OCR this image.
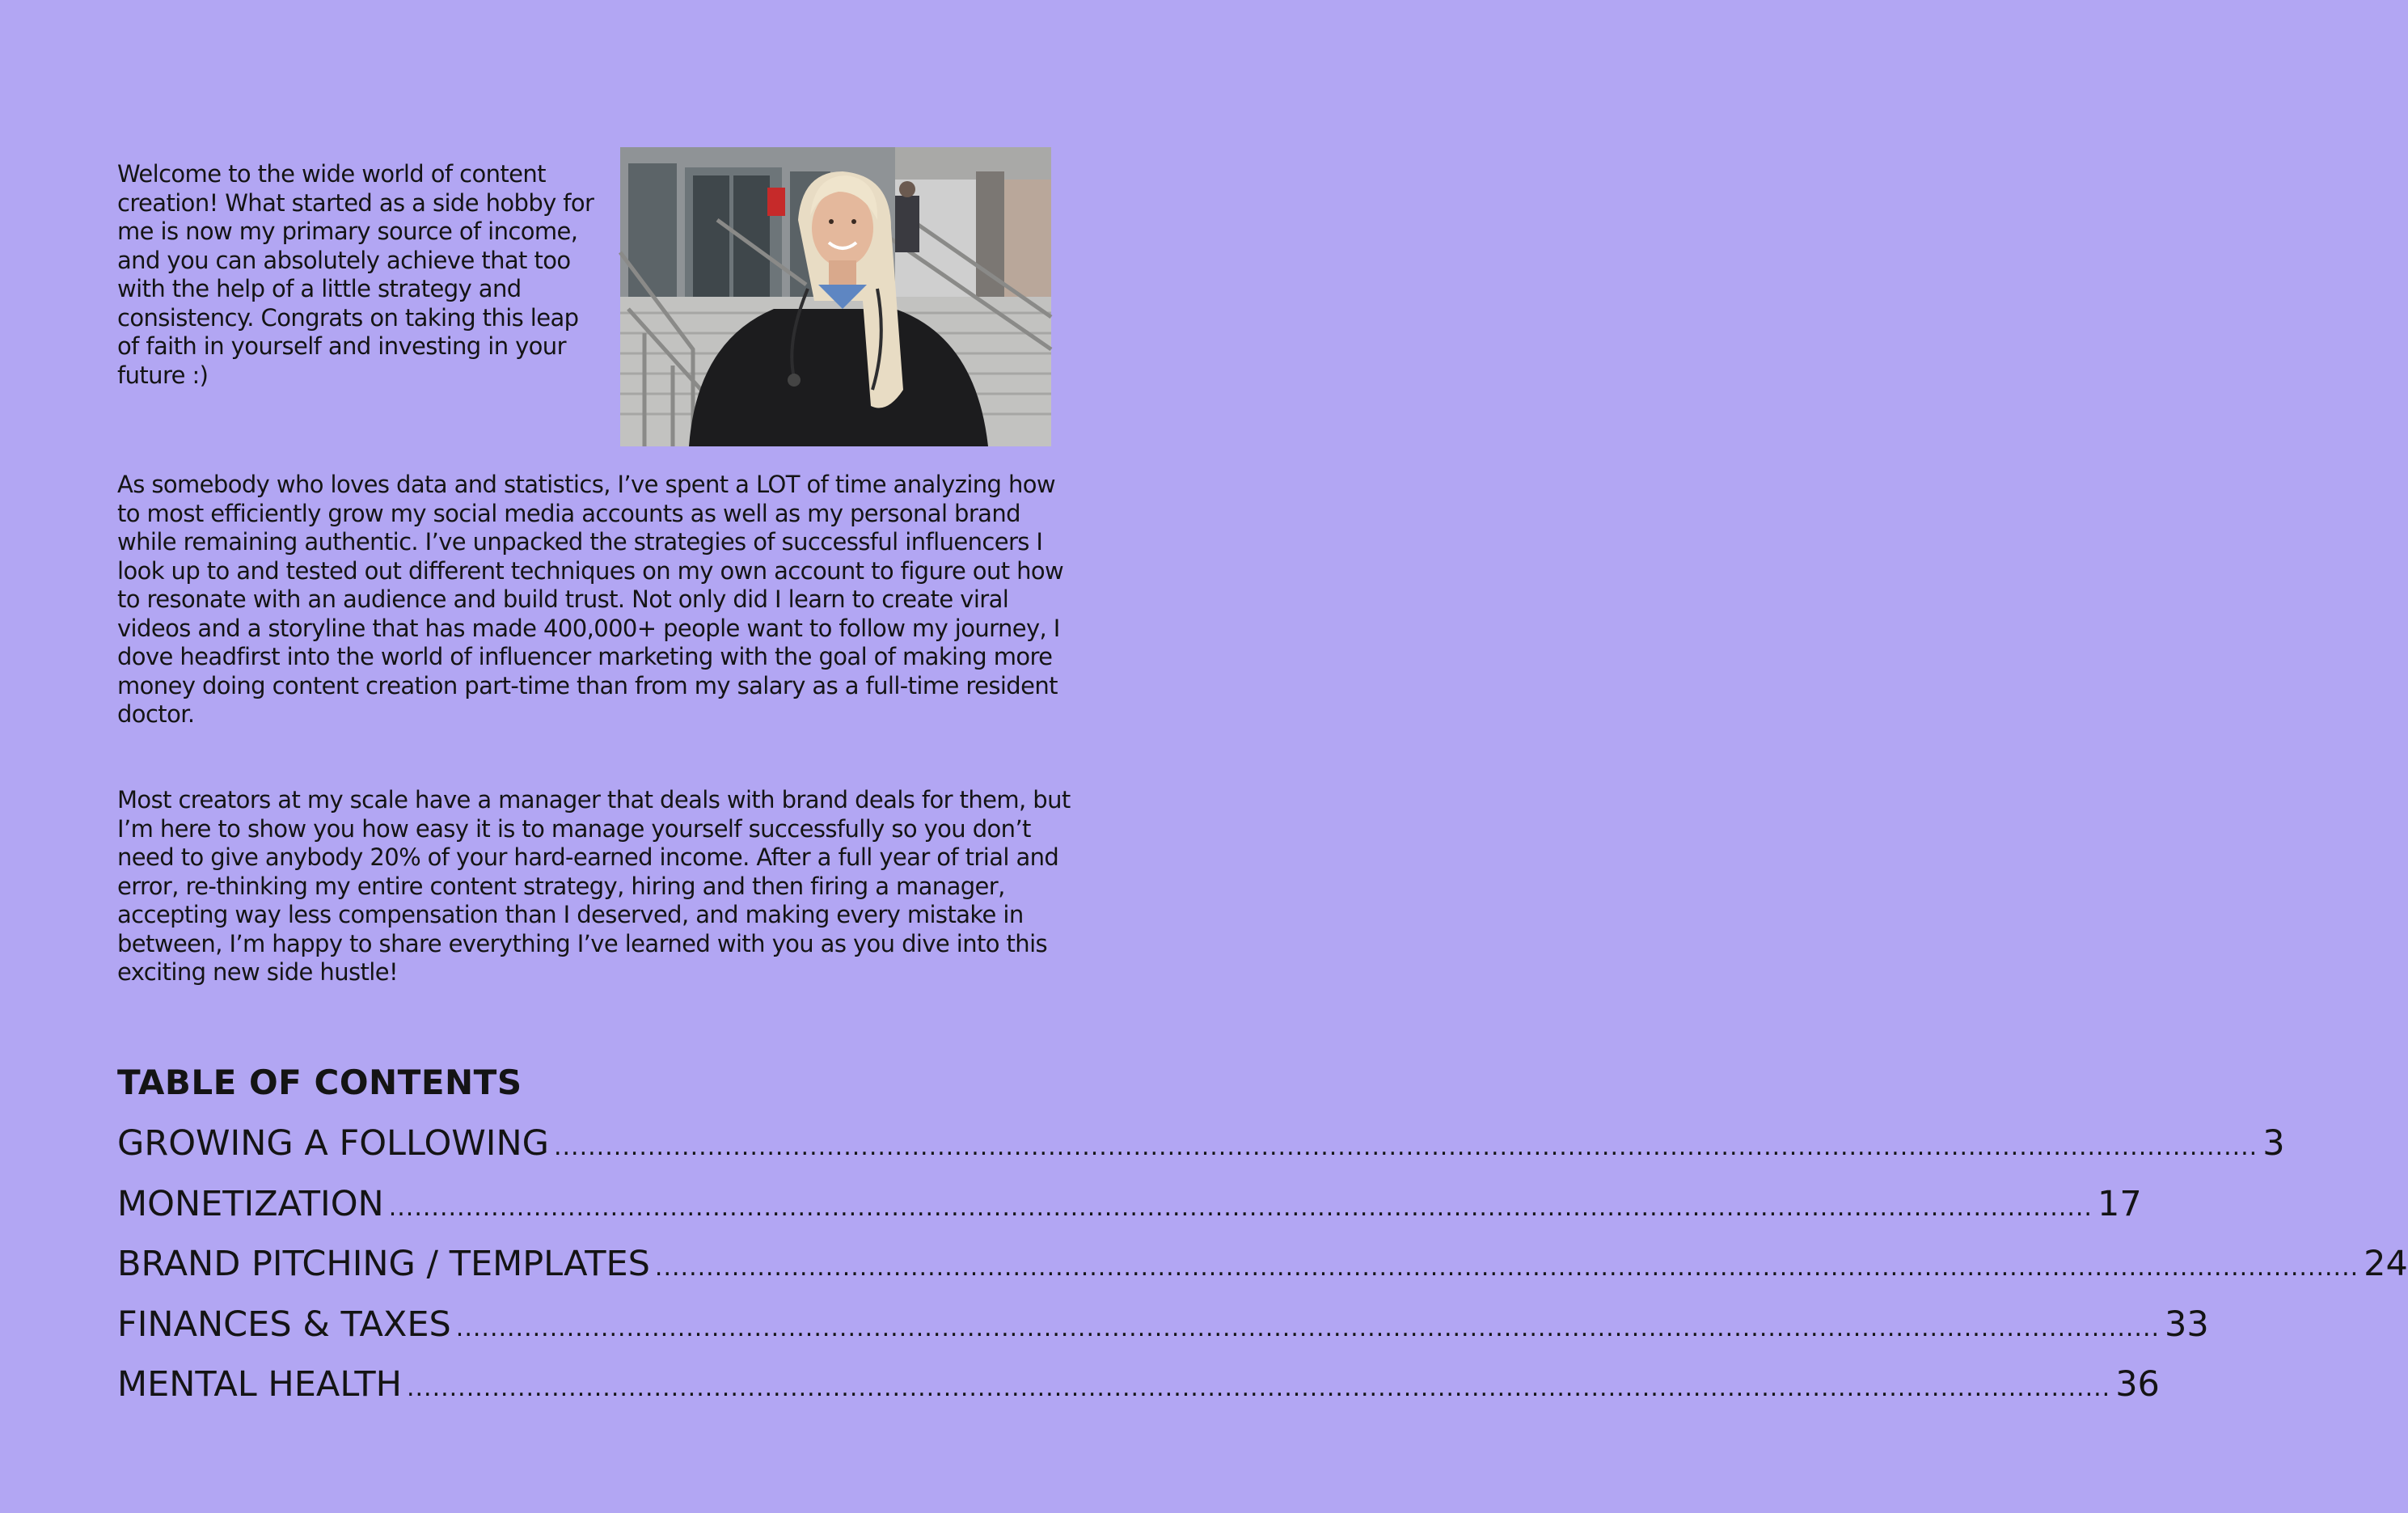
Welcome to the wide world of content creation! What started as a side hobby for me is now my primary source of income, and you can absolutely achieve that too with the help of a little strategy and consistency. Congrats on taking this leap of faith in yourself and investing in your future :)

As somebody who loves data and statistics, I’ve spent a LOT of time analyzing how to most efficiently grow my social media accounts as well as my personal brand while remaining authentic. I’ve unpacked the strategies of successful influencers I look up to and tested out different techniques on my own account to figure out how to resonate with an audience and build trust. Not only did I learn to create viral videos and a storyline that has made 400,000+ people want to follow my journey, I dove headfirst into the world of influencer marketing with the goal of making more money doing content creation part-time than from my salary as a full-time resident doctor.

Most creators at my scale have a manager that deals with brand deals for them, but I’m here to show you how easy it is to manage yourself successfully so you don’t need to give anybody 20% of your hard-earned income. After a full year of trial and error, re-thinking my entire content strategy, hiring and then firing a manager, accepting way less compensation than I deserved, and making every mistake in between, I’m happy to share everything I’ve learned with you as you dive into this exciting new side hustle!

TABLE OF CONTENTS
GROWING A FOLLOWING ........................................................................................................................................................................................................ 3
MONETIZATION ........................................................................................................................................................................................................ 17
BRAND PITCHING / TEMPLATES ........................................................................................................................................................................................................ 24
FINANCES & TAXES ........................................................................................................................................................................................................ 33
MENTAL HEALTH ........................................................................................................................................................................................................ 36
